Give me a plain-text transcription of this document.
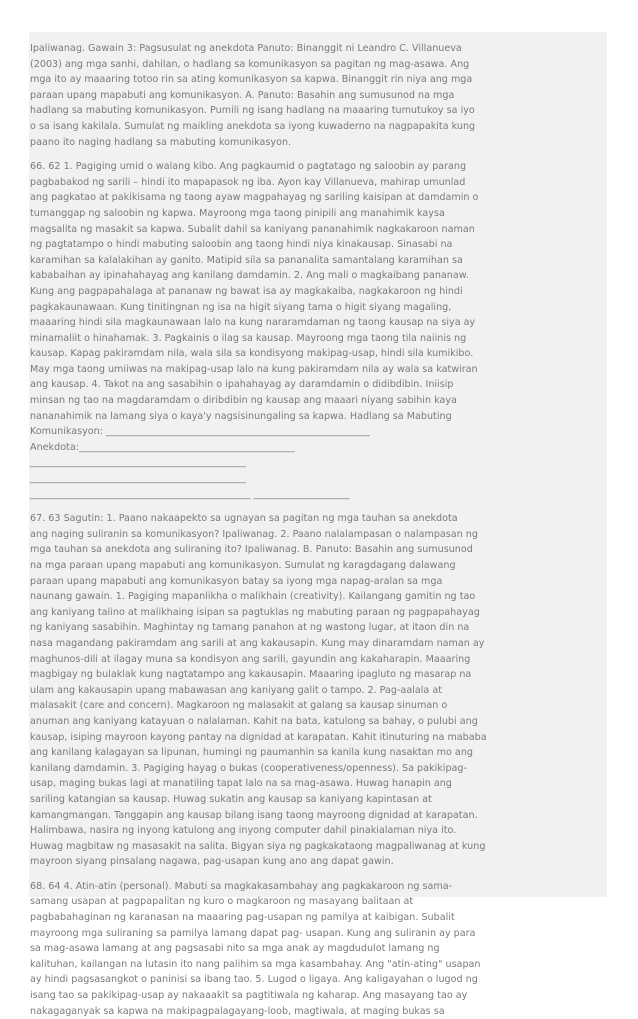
Ipaliwanag. Gawain 3: Pagsusulat ng anekdota Panuto: Binanggit ni Leandro C. Villanueva
(2003) ang mga sanhi, dahilan, o hadlang sa komunikasyon sa pagitan ng mag-asawa. Ang
mga ito ay maaaring totoo rin sa ating komunikasyon sa kapwa. Binanggit rin niya ang mga
paraan upang mapabuti ang komunikasyon. A. Panuto: Basahin ang sumusunod na mga
hadlang sa mabuting komunikasyon. Pumili ng isang hadlang na maaaring tumutukoy sa iyo
o sa isang kakilala. Sumulat ng maikling anekdota sa iyong kuwaderno na nagpapakita kung
paano ito naging hadlang sa mabuting komunikasyon.
66. 62 1. Pagiging umid o walang kibo. Ang pagkaumid o pagtatago ng saloobin ay parang
pagbabakod ng sarili – hindi ito mapapasok ng iba. Ayon kay Villanueva, mahirap umunlad
ang pagkatao at pakikisama ng taong ayaw magpahayag ng sariling kaisipan at damdamin o
tumanggap ng saloobin ng kapwa. Mayroong mga taong pinipili ang manahimik kaysa
magsalita ng masakit sa kapwa. Subalit dahil sa kaniyang pananahimik nagkakaroon naman
ng pagtatampo o hindi mabuting saloobin ang taong hindi niya kinakausap. Sinasabi na
karamihan sa kalalakihan ay ganito. Matipid sila sa pananalita samantalang karamihan sa
kababaihan ay ipinahahayag ang kanilang damdamin. 2. Ang mali o magkaibang pananaw.
Kung ang pagpapahalaga at pananaw ng bawat isa ay magkakaiba, nagkakaroon ng hindi
pagkakaunawaan. Kung tinitingnan ng isa na higit siyang tama o higit siyang magaling,
maaaring hindi sila magkaunawaan lalo na kung nararamdaman ng taong kausap na siya ay
minamaliit o hinahamak. 3. Pagkainis o ilag sa kausap. Mayroong mga taong tila naiinis ng
kausap. Kapag pakiramdam nila, wala sila sa kondisyong makipag-usap, hindi sila kumikibo.
May mga taong umiiwas na makipag-usap lalo na kung pakiramdam nila ay wala sa katwiran
ang kausap. 4. Takot na ang sasabihin o ipahahayag ay daramdamin o didibdibin. Iniisip
minsan ng tao na magdaramdam o diribdibin ng kausap ang maaari niyang sabihin kaya
nananahimik na lamang siya o kaya'y nagsisinungaling sa kapwa. Hadlang sa Mabuting
Komunikasyon: _______________________________________________________
Anekdota:_____________________________________________
_____________________________________________
_____________________________________________
______________________________________________ ____________________
67. 63 Sagutin: 1. Paano nakaapekto sa ugnayan sa pagitan ng mga tauhan sa anekdota
ang naging suliranin sa komunikasyon? Ipaliwanag. 2. Paano nalalampasan o nalampasan ng
mga tauhan sa anekdota ang suliraning ito? Ipaliwanag. B. Panuto: Basahin ang sumusunod
na mga paraan upang mapabuti ang komunikasyon. Sumulat ng karagdagang dalawang
paraan upang mapabuti ang komunikasyon batay sa iyong mga napag-aralan sa mga
naunang gawain. 1. Pagiging mapanlikha o malikhain (creativity). Kailangang gamitin ng tao
ang kaniyang talino at malikhaing isipan sa pagtuklas ng mabuting paraan ng pagpapahayag
ng kaniyang sasabihin. Maghintay ng tamang panahon at ng wastong lugar, at itaon din na
nasa magandang pakiramdam ang sarili at ang kakausapin. Kung may dinaramdam naman ay
maghunos-dili at ilagay muna sa kondisyon ang sarili, gayundin ang kakaharapin. Maaaring
magbigay ng bulaklak kung nagtatampo ang kakausapin. Maaaring ipagluto ng masarap na
ulam ang kakausapin upang mabawasan ang kaniyang galit o tampo. 2. Pag-aalala at
malasakit (care and concern). Magkaroon ng malasakit at galang sa kausap sinuman o
anuman ang kaniyang katayuan o nalalaman. Kahit na bata, katulong sa bahay, o pulubi ang
kausap, isiping mayroon kayong pantay na dignidad at karapatan. Kahit itinuturing na mababa
ang kanilang kalagayan sa lipunan, humingi ng paumanhin sa kanila kung nasaktan mo ang
kanilang damdamin. 3. Pagiging hayag o bukas (cooperativeness/openness). Sa pakikipag-
usap, maging bukas lagi at manatiling tapat lalo na sa mag-asawa. Huwag hanapin ang
sariling katangian sa kausap. Huwag sukatin ang kausap sa kaniyang kapintasan at
kamangmangan. Tanggapin ang kausap bilang isang taong mayroong dignidad at karapatan.
Halimbawa, nasira ng inyong katulong ang inyong computer dahil pinakialaman niya ito.
Huwag magbitaw ng masasakit na salita. Bigyan siya ng pagkakataong magpaliwanag at kung
mayroon siyang pinsalang nagawa, pag-usapan kung ano ang dapat gawin.
68. 64 4. Atin-atin (personal). Mabuti sa magkakasambahay ang pagkakaroon ng sama-
samang usapan at pagpapalitan ng kuro o magkaroon ng masayang balitaan at
pagbabahaginan ng karanasan na maaaring pag-usapan ng pamilya at kaibigan. Subalit
mayroong mga suliraning sa pamilya lamang dapat pag- usapan. Kung ang suliranin ay para
sa mag-asawa lamang at ang pagsasabi nito sa mga anak ay magdudulot lamang ng
kalituhan, kailangan na lutasin ito nang palihim sa mga kasambahay. Ang "atin-ating" usapan
ay hindi pagsasangkot o paninisi sa ibang tao. 5. Lugod o ligaya. Ang kaligayahan o lugod ng
isang tao sa pakikipag-usap ay nakaaakit sa pagtitiwala ng kaharap. Ang masayang tao ay
nakagaganyak sa kapwa na makipagpalagayang-loob, magtiwala, at maging bukas sa
